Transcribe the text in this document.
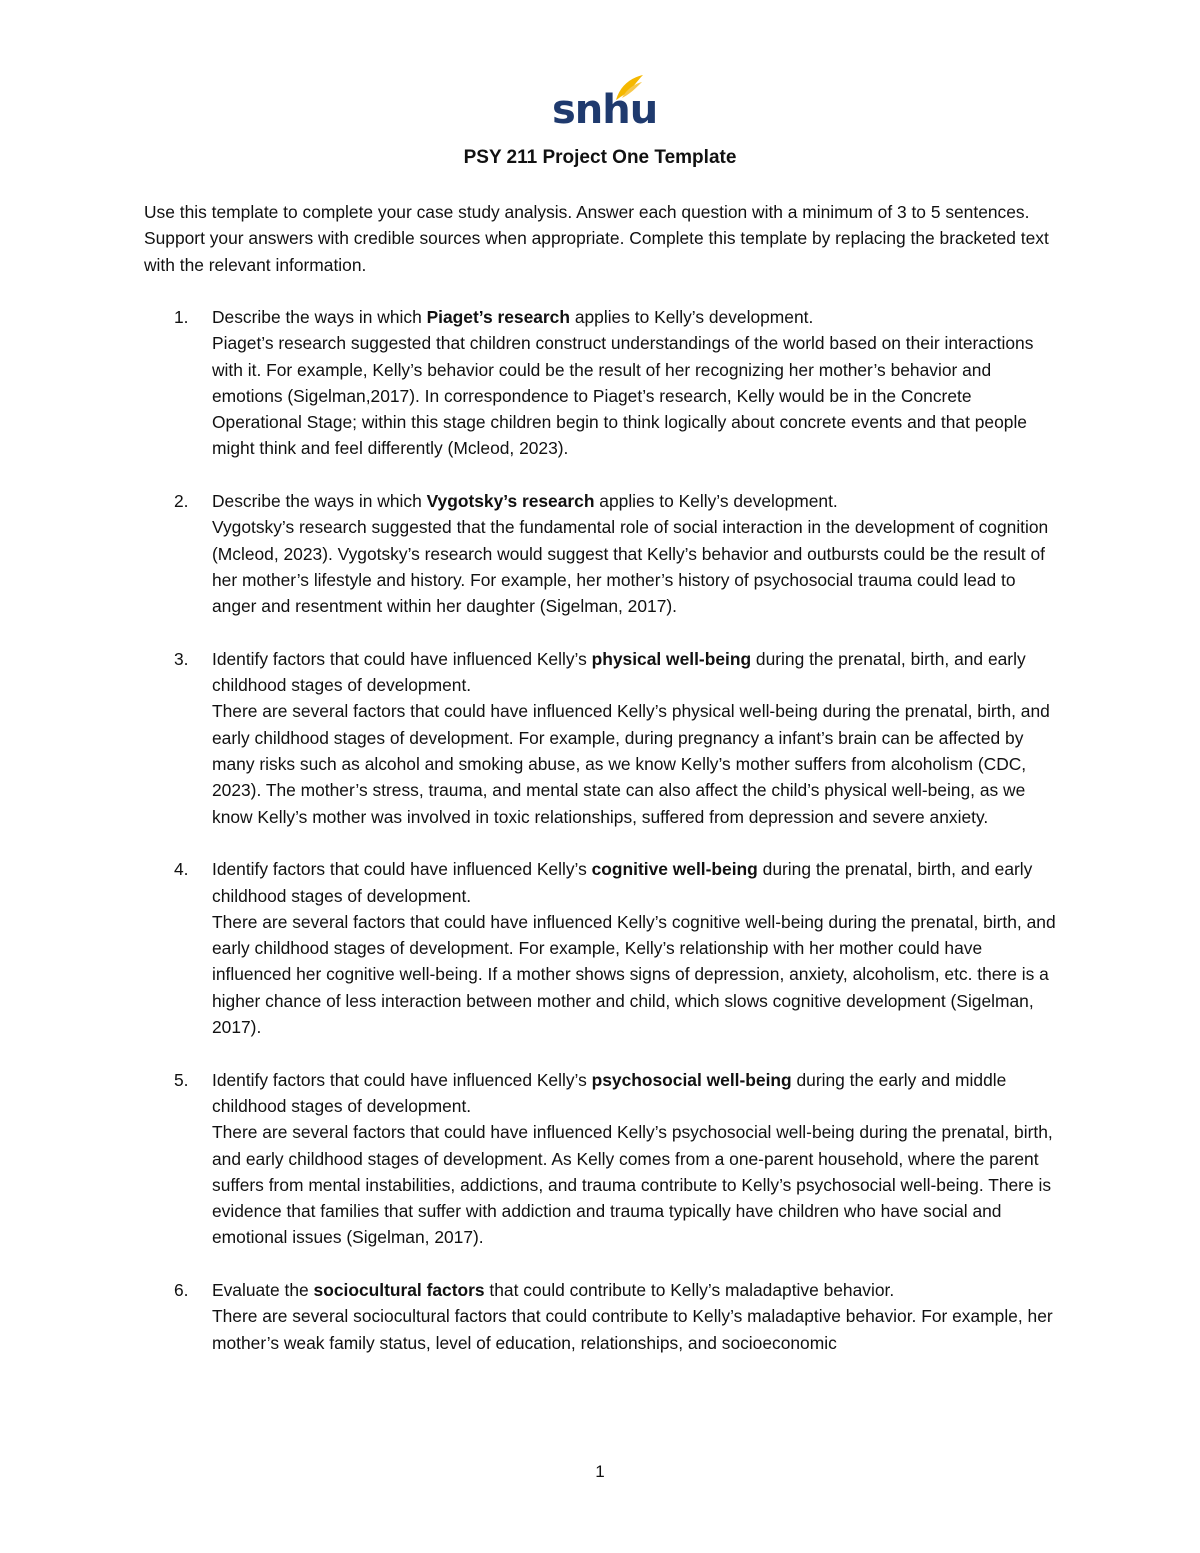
snhu
PSY 211 Project One Template
Use this template to complete your case study analysis. Answer each question with a minimum of 3 to 5 sentences. Support your answers with credible sources when appropriate. Complete this template by replacing the bracketed text with the relevant information.
1. Describe the ways in which Piaget’s research applies to Kelly’s development.
Piaget’s research suggested that children construct understandings of the world based on their interactions with it. For example, Kelly’s behavior could be the result of her recognizing her mother’s behavior and emotions (Sigelman,2017). In correspondence to Piaget’s research, Kelly would be in the Concrete Operational Stage; within this stage children begin to think logically about concrete events and that people might think and feel differently (Mcleod, 2023).
2. Describe the ways in which Vygotsky’s research applies to Kelly’s development.
Vygotsky’s research suggested that the fundamental role of social interaction in the development of cognition (Mcleod, 2023). Vygotsky’s research would suggest that Kelly’s behavior and outbursts could be the result of her mother’s lifestyle and history. For example, her mother’s history of psychosocial trauma could lead to anger and resentment within her daughter (Sigelman, 2017).
3. Identify factors that could have influenced Kelly’s physical well-being during the prenatal, birth, and early childhood stages of development.
There are several factors that could have influenced Kelly’s physical well-being during the prenatal, birth, and early childhood stages of development. For example, during pregnancy a infant’s brain can be affected by many risks such as alcohol and smoking abuse, as we know Kelly’s mother suffers from alcoholism (CDC, 2023). The mother’s stress, trauma, and mental state can also affect the child’s physical well-being, as we know Kelly’s mother was involved in toxic relationships, suffered from depression and severe anxiety.
4. Identify factors that could have influenced Kelly’s cognitive well-being during the prenatal, birth, and early childhood stages of development.
There are several factors that could have influenced Kelly’s cognitive well-being during the prenatal, birth, and early childhood stages of development. For example, Kelly’s relationship with her mother could have influenced her cognitive well-being. If a mother shows signs of depression, anxiety, alcoholism, etc. there is a higher chance of less interaction between mother and child, which slows cognitive development (Sigelman, 2017).
5. Identify factors that could have influenced Kelly’s psychosocial well-being during the early and middle childhood stages of development.
There are several factors that could have influenced Kelly’s psychosocial well-being during the prenatal, birth, and early childhood stages of development. As Kelly comes from a one-parent household, where the parent suffers from mental instabilities, addictions, and trauma contribute to Kelly’s psychosocial well-being. There is evidence that families that suffer with addiction and trauma typically have children who have social and emotional issues (Sigelman, 2017).
6. Evaluate the sociocultural factors that could contribute to Kelly’s maladaptive behavior.
There are several sociocultural factors that could contribute to Kelly’s maladaptive behavior. For example, her mother’s weak family status, level of education, relationships, and socioeconomic
1
